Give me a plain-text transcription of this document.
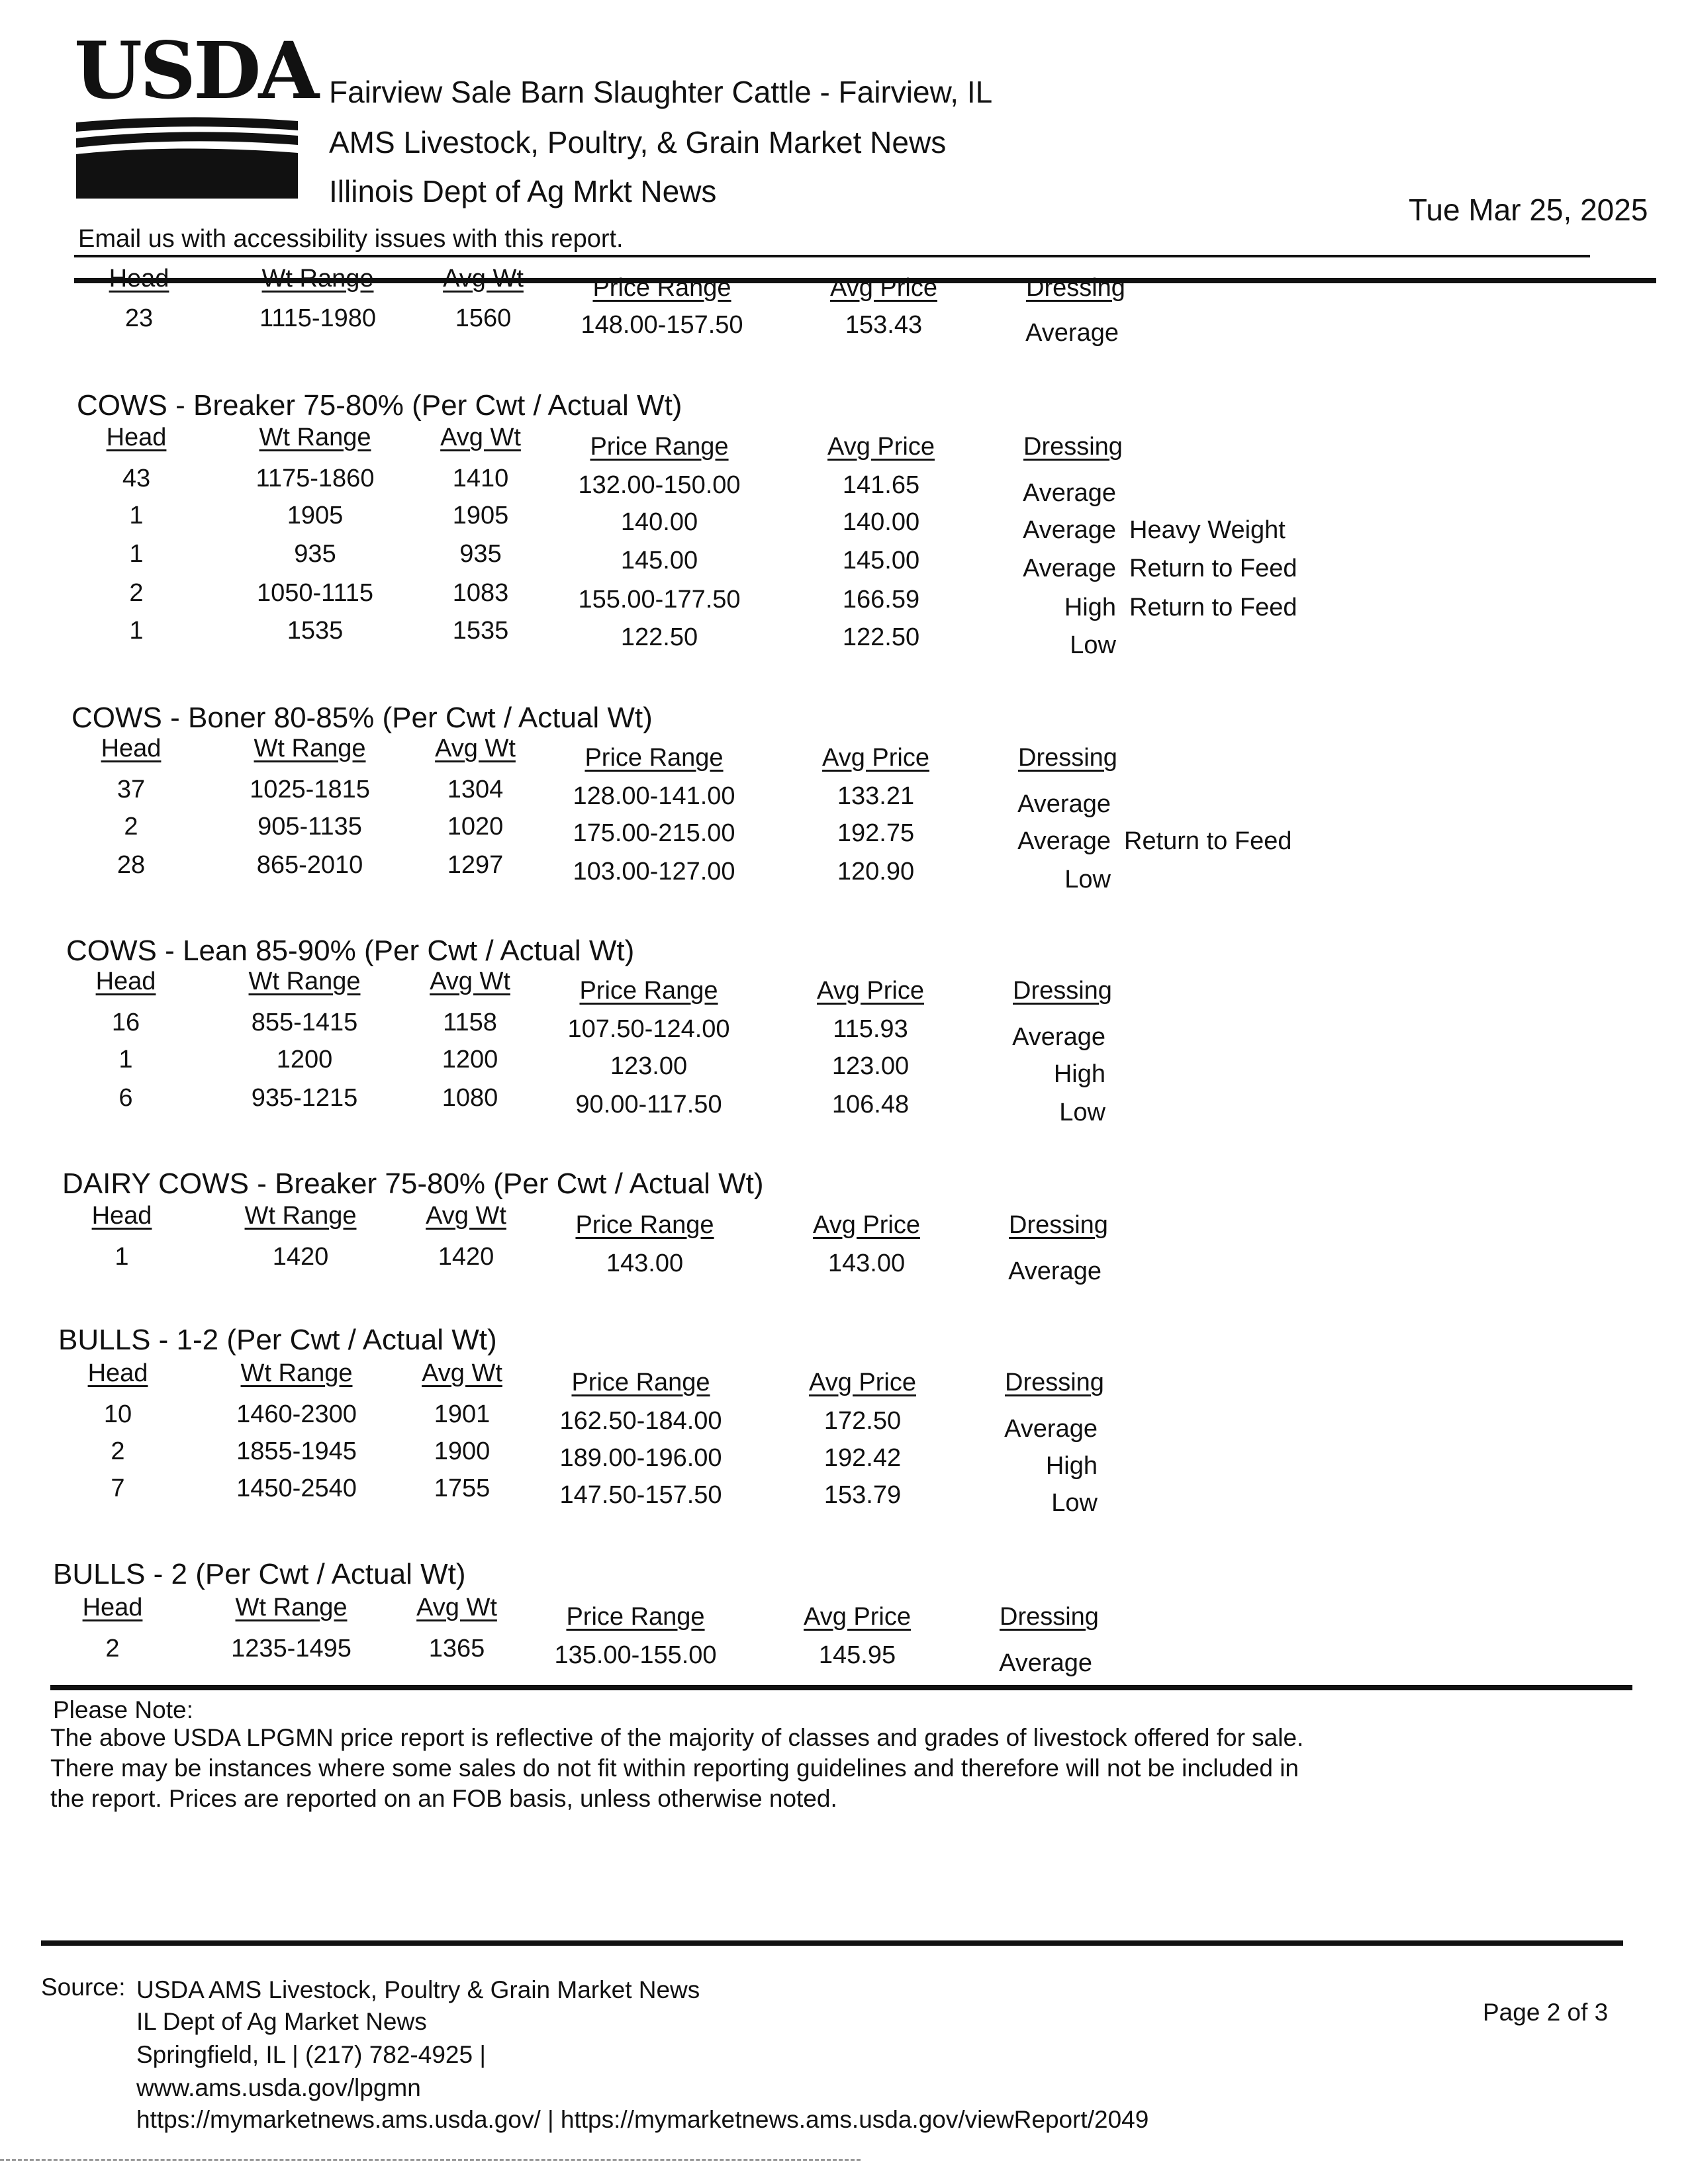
USDA Fairview Sale Barn Slaughter Cattle - Fairview, IL
AMS Livestock, Poultry, & Grain Market News
Illinois Dept of Ag Mrkt News
Tue Mar 25, 2025
Email us with accessibility issues with this report.
Head	Wt Range	Avg Wt	Price Range	Avg Price	Dressing
23	1115-1980	1560	148.00-157.50	153.43	Average
COWS - Breaker 75-80% (Per Cwt / Actual Wt)
Head	Wt Range	Avg Wt	Price Range	Avg Price	Dressing
43	1175-1860	1410	132.00-150.00	141.65	Average
1	1905	1905	140.00	140.00	Average Heavy Weight
1	935	935	145.00	145.00	Average Return to Feed
2	1050-1115	1083	155.00-177.50	166.59	High Return to Feed
1	1535	1535	122.50	122.50	Low
COWS - Boner 80-85% (Per Cwt / Actual Wt)
Head	Wt Range	Avg Wt	Price Range	Avg Price	Dressing
37	1025-1815	1304	128.00-141.00	133.21	Average
2	905-1135	1020	175.00-215.00	192.75	Average Return to Feed
28	865-2010	1297	103.00-127.00	120.90	Low
COWS - Lean 85-90% (Per Cwt / Actual Wt)
Head	Wt Range	Avg Wt	Price Range	Avg Price	Dressing
16	855-1415	1158	107.50-124.00	115.93	Average
1	1200	1200	123.00	123.00	High
6	935-1215	1080	90.00-117.50	106.48	Low
DAIRY COWS - Breaker 75-80% (Per Cwt / Actual Wt)
Head	Wt Range	Avg Wt	Price Range	Avg Price	Dressing
1	1420	1420	143.00	143.00	Average
BULLS - 1-2 (Per Cwt / Actual Wt)
Head	Wt Range	Avg Wt	Price Range	Avg Price	Dressing
10	1460-2300	1901	162.50-184.00	172.50	Average
2	1855-1945	1900	189.00-196.00	192.42	High
7	1450-2540	1755	147.50-157.50	153.79	Low
BULLS - 2 (Per Cwt / Actual Wt)
Head	Wt Range	Avg Wt	Price Range	Avg Price	Dressing
2	1235-1495	1365	135.00-155.00	145.95	Average
Please Note:
The above USDA LPGMN price report is reflective of the majority of classes and grades of livestock offered for sale.
There may be instances where some sales do not fit within reporting guidelines and therefore will not be included in
the report. Prices are reported on an FOB basis, unless otherwise noted.
Source: USDA AMS Livestock, Poultry & Grain Market News
IL Dept of Ag Market News
Springfield, IL | (217) 782-4925 |
www.ams.usda.gov/lpgmn
https://mymarketnews.ams.usda.gov/ | https://mymarketnews.ams.usda.gov/viewReport/2049
Page 2 of 3
